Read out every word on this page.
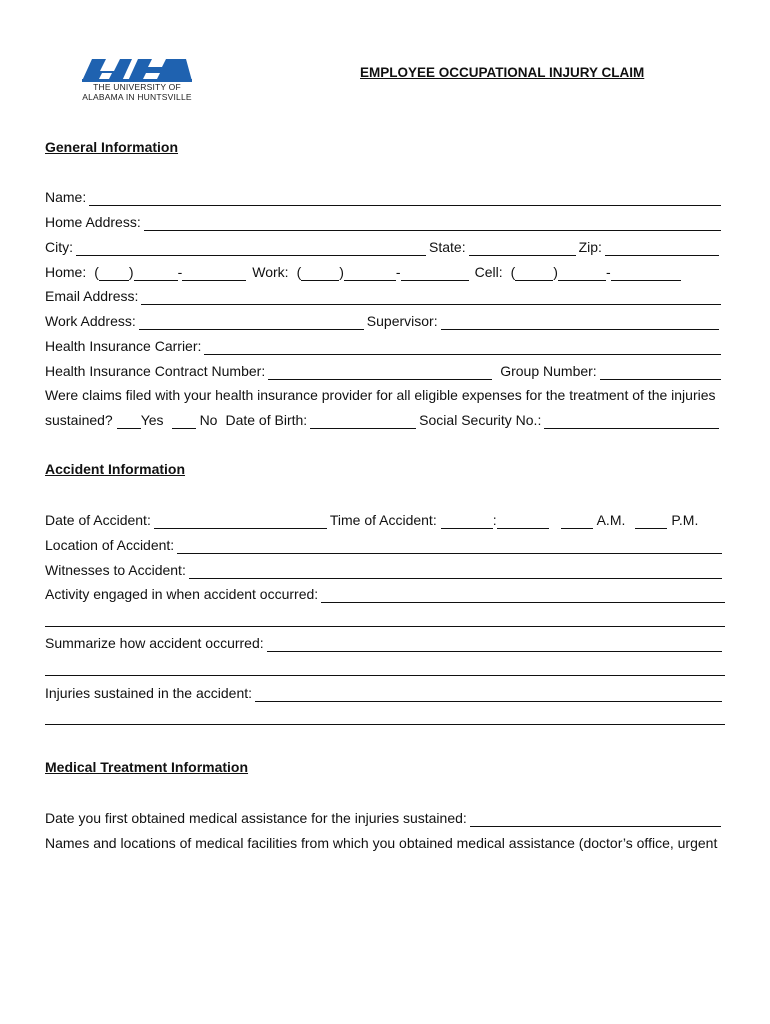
THE UNIVERSITY OF
ALABAMA IN HUNTSVILLE
EMPLOYEE OCCUPATIONAL INJURY CLAIM
General Information
Name:
Home Address:
City:	State:	Zip:
Home: ( )	-	Work: (	)	-	Cell: (	)	-
Email Address:
Work Address:	Supervisor:
Health Insurance Carrier:
Health Insurance Contract Number:	Group Number:
Were claims filed with your health insurance provider for all eligible expenses for the treatment of the injuries
sustained? Yes	No Date of Birth:	Social Security No.:
Accident Information
Date of Accident:	Time of Accident:	:	A.M.	P.M.
Location of Accident:
Witnesses to Accident:
Activity engaged in when accident occurred:
Summarize how accident occurred:
Injuries sustained in the accident:
Medical Treatment Information
Date you first obtained medical assistance for the injuries sustained:
Names and locations of medical facilities from which you obtained medical assistance (doctor’s office, urgent
